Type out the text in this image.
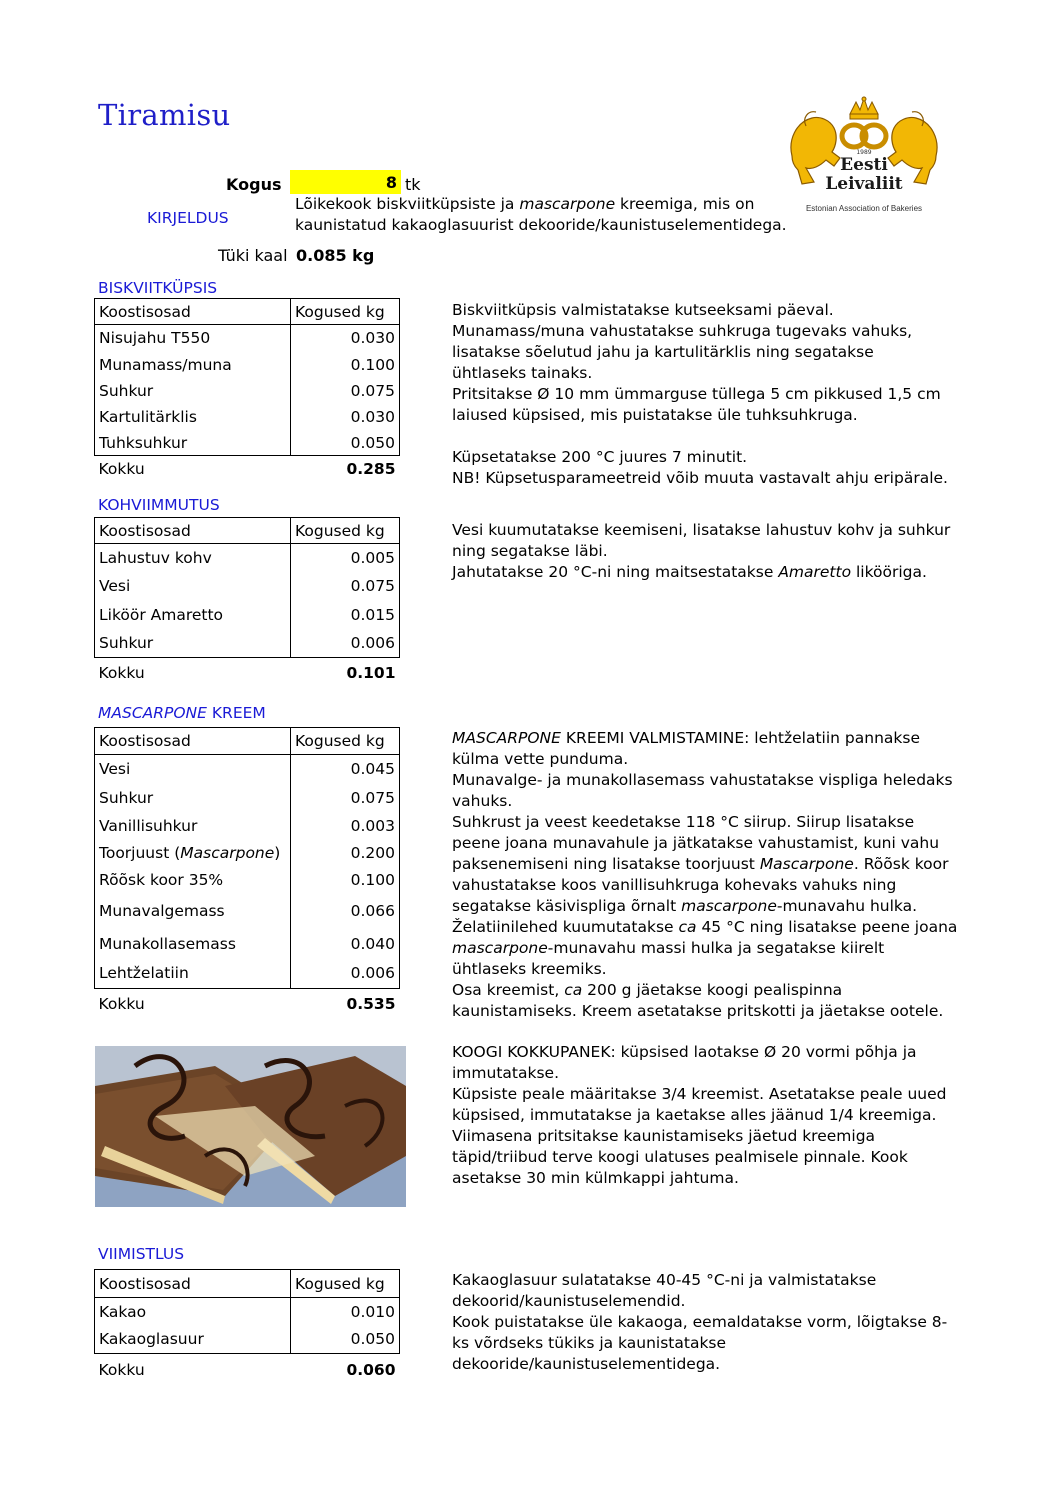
Tiramisu
1989
Eesti
Leivaliit
Estonian Association of Bakeries
Kogus	8 tk
KIRJELDUS
Lõikekook biskviitküpsiste ja mascarpone kreemiga, mis on kaunistatud kakaoglasuurist dekooride/kaunistuselementidega.
Tüki kaal 0.085 kg
BISKVIITKÜPSIS
Koostisosad	Kogused kg
Nisujahu T550	0.030
Munamass/muna	0.100
Suhkur	0.075
Kartulitärklis	0.030
Tuhksuhkur	0.050
Kokku	0.285

Biskviitküpsis valmistatakse kutseeksami päeval.

Munamass/muna vahustatakse suhkruga tugevaks vahuks, lisatakse sõelutud jahu ja kartulitärklis ning segatakse ühtlaseks tainaks.

Pritsitakse Ø 10 mm ümmarguse tüllega 5 cm pikkused 1,5 cm laiused küpsised, mis puistatakse üle tuhksuhkruga.

Küpsetatakse 200 °C juures 7 minutit.

NB! Küpsetusparameetreid võib muuta vastavalt ahju eripärale.

KOHVIIMMUTUS
Koostisosad	Kogused kg
Lahustuv kohv	0.005
Vesi	0.075
Liköör Amaretto	0.015
Suhkur	0.006
Kokku	0.101

Vesi kuumutatakse keemiseni, lisatakse lahustuv kohv ja suhkur ning segatakse läbi.

Jahutatakse 20 °C-ni ning maitsestatakse Amaretto likööriga.

MASCARPONE KREEM
Koostisosad	Kogused kg
Vesi	0.045
Suhkur	0.075
Vanillisuhkur	0.003
Toorjuust (Mascarpone)	0.200
Rõõsk koor 35%	0.100
Munavalgemass	0.066
Munakollasemass	0.040
Lehtželatiin	0.006
Kokku	0.535

MASCARPONE KREEMI VALMISTAMINE: lehtželatiin pannakse külma vette punduma.

Munavalge- ja munakollasemass vahustatakse vispliga heledaks vahuks.

Suhkrust ja veest keedetakse 118 °C siirup. Siirup lisatakse peene joana munavahule ja jätkatakse vahustamist, kuni vahu paksenemiseni ning lisatakse toorjuust Mascarpone. Rõõsk koor vahustatakse koos vanillisuhkruga kohevaks vahuks ning segatakse käsivispliga õrnalt mascarpone-munavahu hulka.

Želatiinilehed kuumutatakse ca 45 °C ning lisatakse peene joana mascarpone-munavahu massi hulka ja segatakse kiirelt ühtlaseks kreemiks.

Osa kreemist, ca 200 g jäetakse koogi pealispinna kaunistamiseks. Kreem asetatakse pritskotti ja jäetakse ootele.

KOOGI KOKKUPANEK: küpsised laotakse Ø 20 vormi põhja ja immutatakse.

Küpsiste peale määritakse 3/4 kreemist. Asetatakse peale uued küpsised, immutatakse ja kaetakse alles jäänud 1/4 kreemiga.

Viimasena pritsitakse kaunistamiseks jäetud kreemiga täpid/triibud terve koogi ulatuses pealmisele pinnale. Kook asetakse 30 min külmkappi jahtuma.

VIIMISTLUS
Koostisosad	Kogused kg
Kakao	0.010
Kakaoglasuur	0.050
Kokku	0.060

Kakaoglasuur sulatatakse 40-45 °C-ni ja valmistatakse dekoorid/kaunistuselemendid.

Kook puistatakse üle kakaoga, eemaldatakse vorm, lõigtakse 8-ks võrdseks tükiks ja kaunistatakse dekooride/kaunistuselementidega.
